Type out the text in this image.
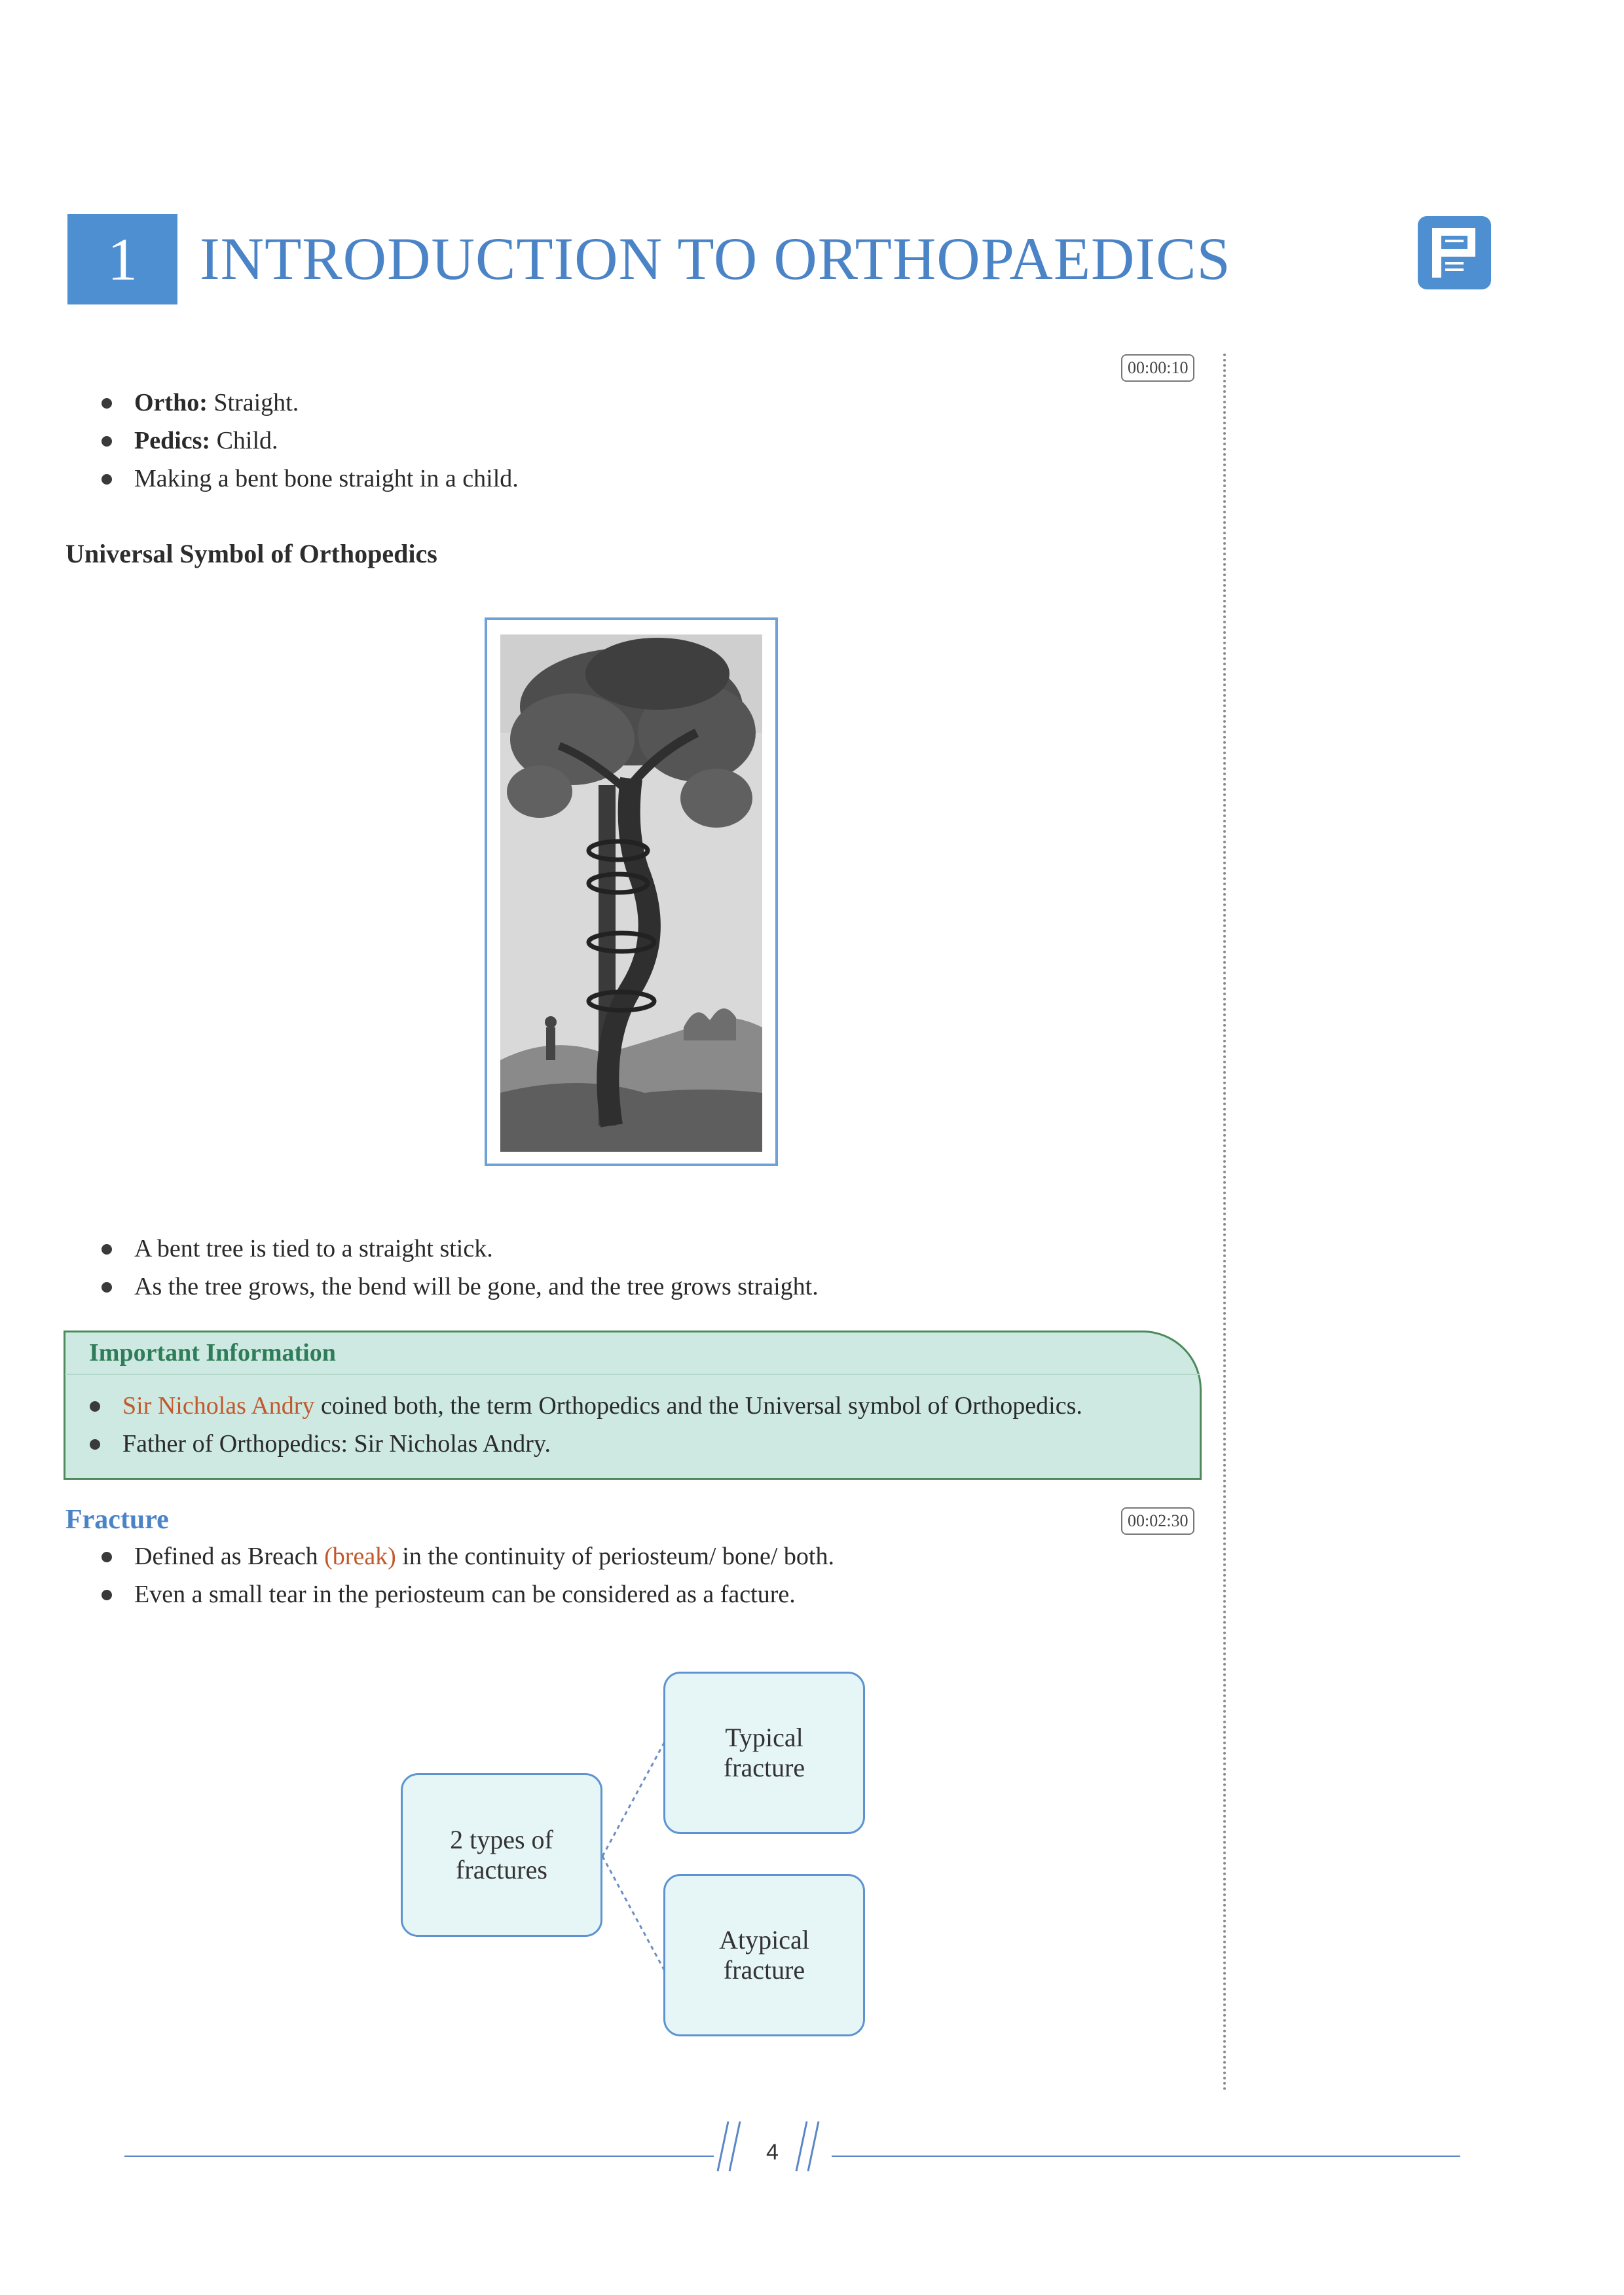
1	INTRODUCTION TO ORTHOPAEDICS
00:00:10
Ortho: Straight.
Pedics: Child.
Making a bent bone straight in a child.
Universal Symbol of Orthopedics
A bent tree is tied to a straight stick.
As the tree grows, the bend will be gone, and the tree grows straight.
Important Information
Sir Nicholas Andry coined both, the term Orthopedics and the Universal symbol of Orthopedics.
Father of Orthopedics: Sir Nicholas Andry.
Fracture	00:02:30
Defined as Breach (break) in the continuity of periosteum/ bone/ both.
Even a small tear in the periosteum can be considered as a facture.
2 types of fractures
Typical fracture
Atypical fracture
4
